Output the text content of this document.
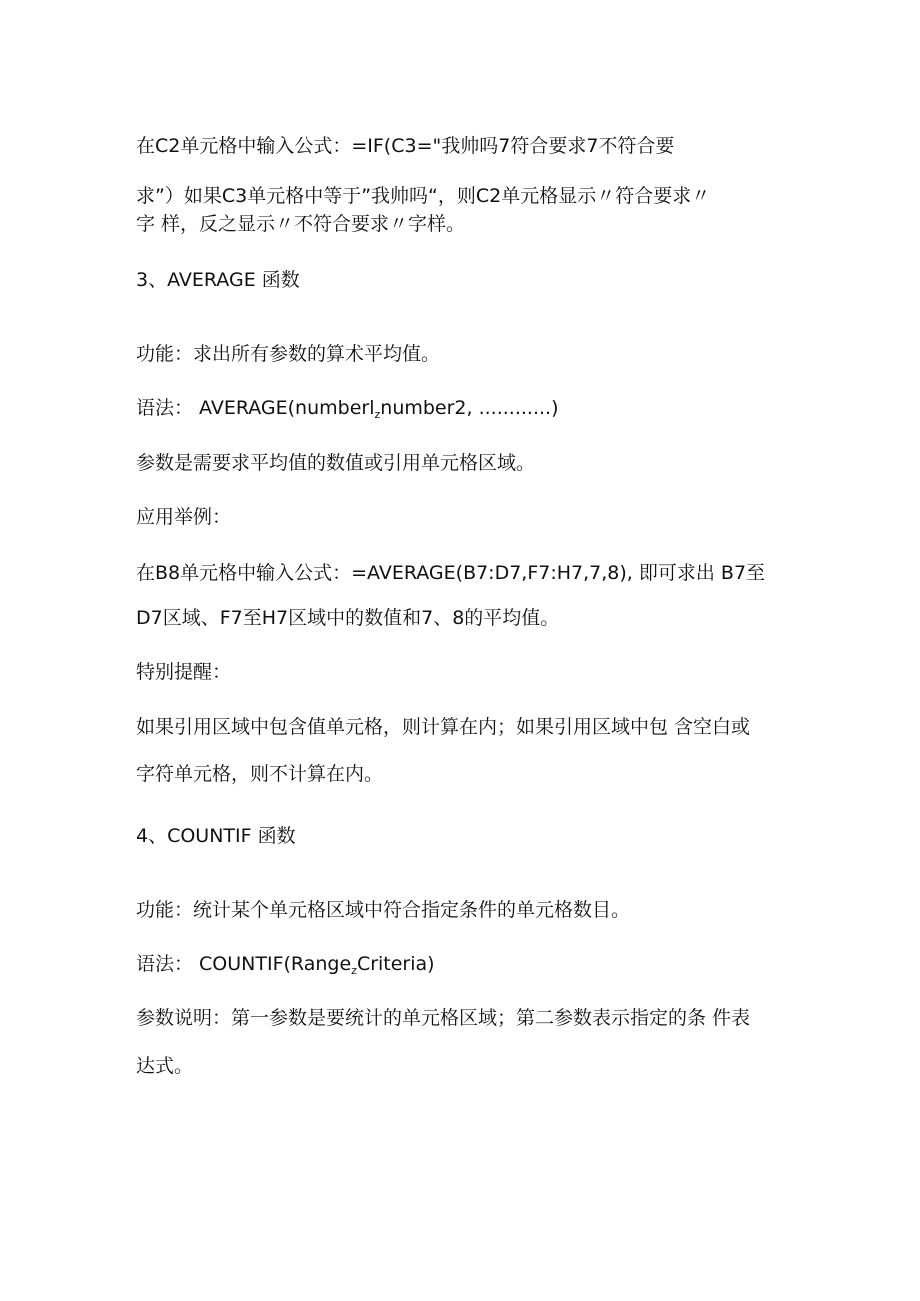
在C2单元格中输入公式：=IF(C3="我帅吗7符合要求7不符合要
求”）如果C3单元格中等于”我帅吗“，则C2单元格显示〃符合要求〃
字 样，反之显示〃不符合要求〃字样。
3、AVERAGE 函数
功能：求出所有参数的算术平均值。
语法： AVERAGE(numberl$_z$number2, ............)
参数是需要求平均值的数值或引用单元格区域。
应用举例：
在B8单元格中输入公式：=AVERAGE(B7:D7,F7:H7,7,8), 即可求出 B7至
D7区域、F7至H7区域中的数值和7、8的平均值。
特别提醒：
如果引用区域中包含值单元格，则计算在内；如果引用区域中包 含空白或
字符单元格，则不计算在内。
4、COUNTIF 函数
功能：统计某个单元格区域中符合指定条件的单元格数目。
语法： COUNTIF(Range$_z$Criteria)
参数说明：第一参数是要统计的单元格区域；第二参数表示指定的条 件表
达式。
